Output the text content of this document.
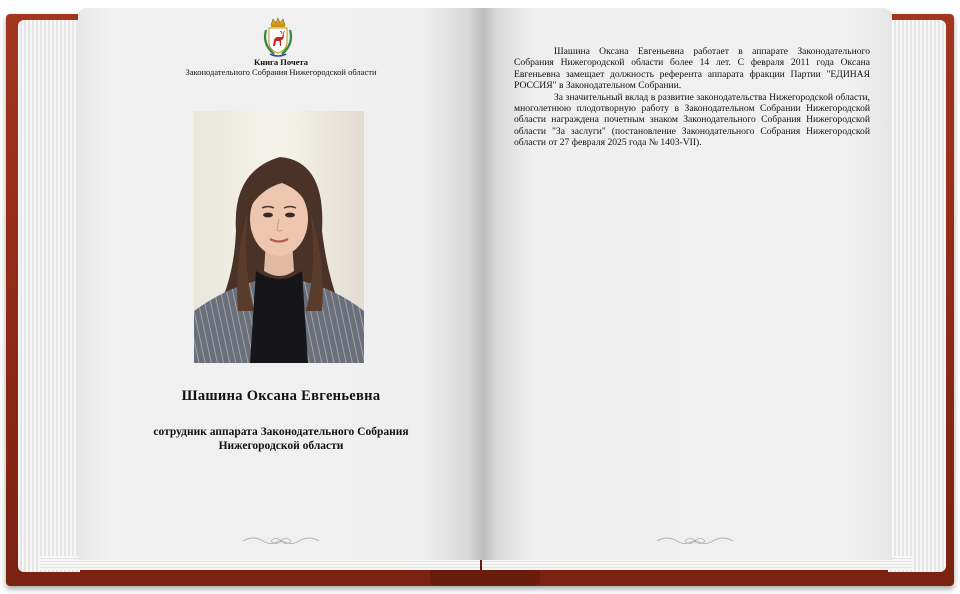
Книга Почета
Законодательного Собрания Нижегородской области
Шашина Оксана Евгеньевна
сотрудник аппарата Законодательного Собрания Нижегородской области

Шашина Оксана Евгеньевна работает в аппарате Законодательного Собрания Нижегородской области более 14 лет. С февраля 2011 года Оксана Евгеньевна замещает должность референта аппарата фракции Партии "ЕДИНАЯ РОССИЯ" в Законодательном Собрании.

За значительный вклад в развитие законодательства Нижегородской области, многолетнюю плодотворную работу в Законодательном Собрании Нижегородской области награждена почетным знаком Законодательного Собрания Нижегородской области "За заслуги" (постановление Законодательного Собрания Нижегородской области от 27 февраля 2025 года № 1403-VII).
